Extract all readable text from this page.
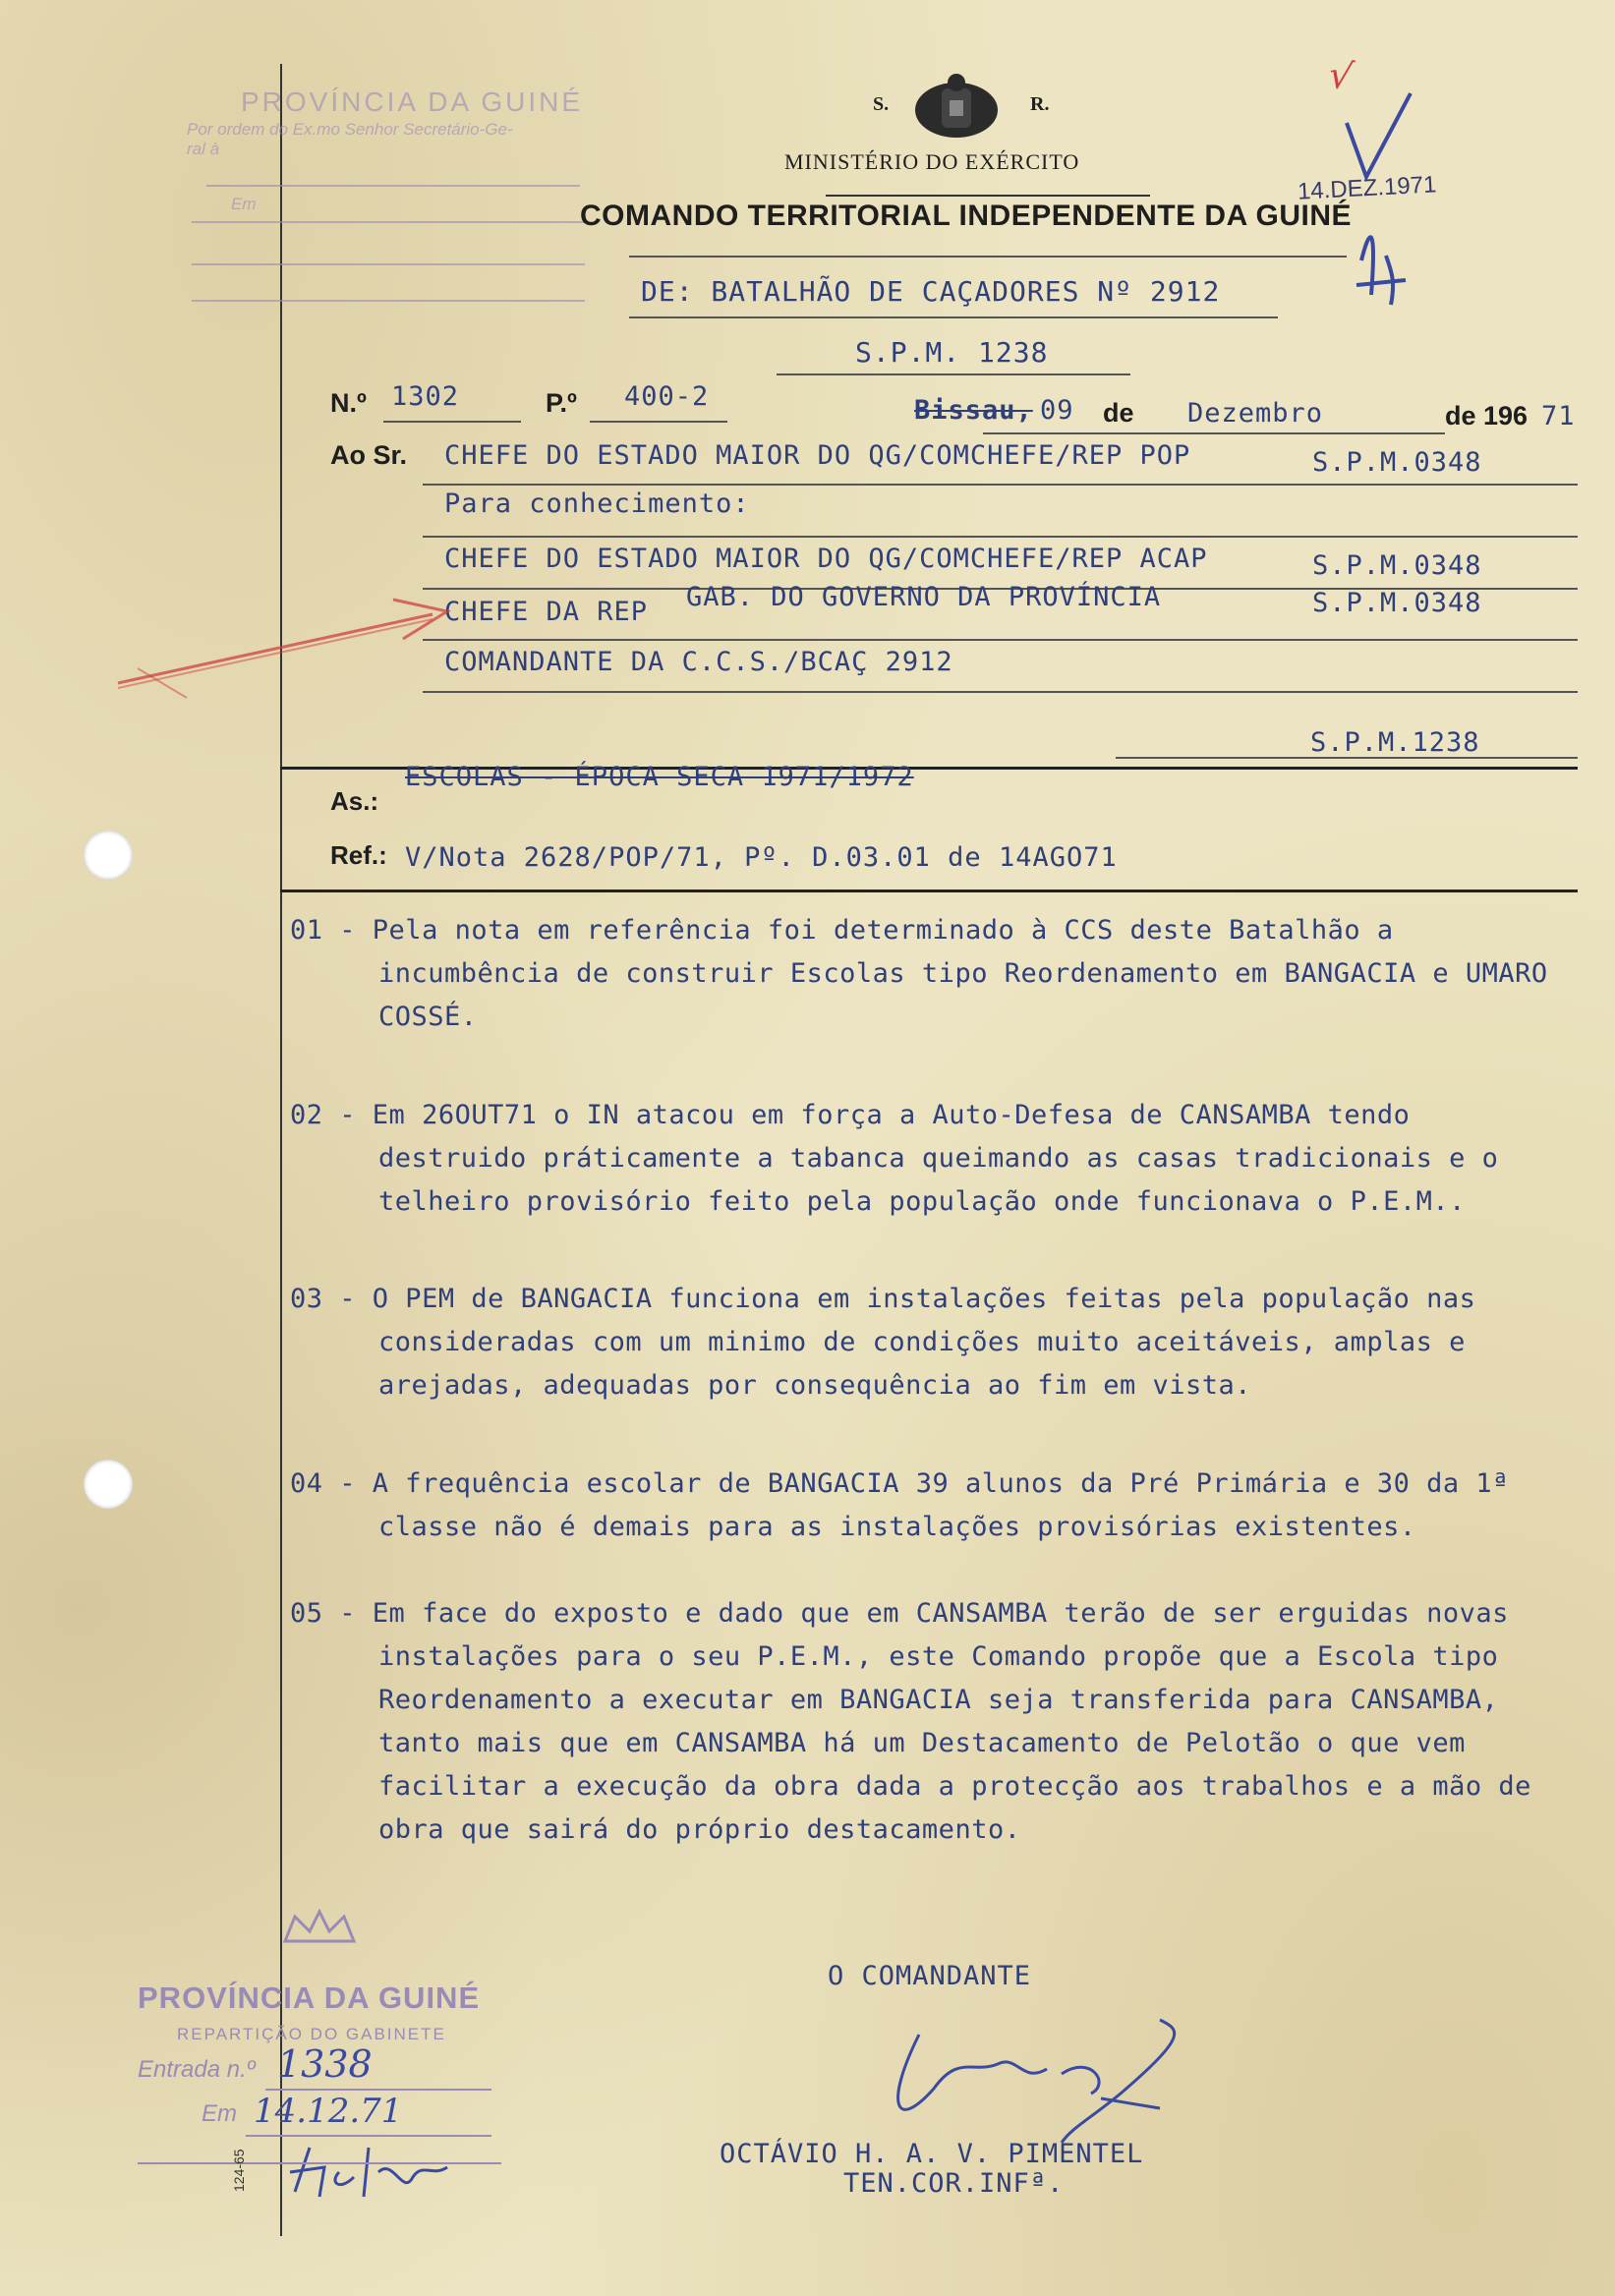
PROVÍNCIA DA GUINÉ
Por ordem do Ex.mo Senhor Secretário-Ge-
ral à
Em
S.	R.
MINISTÉRIO DO EXÉRCITO
COMANDO TERRITORIAL INDEPENDENTE DA GUINÉ
DE: BATALHÃO DE CAÇADORES Nº 2912
S.P.M. 1238
14.DEZ.1971
√
N.º 1302	P.º 400-2	Bissau, 09 de Dezembro	de 196 71
Ao Sr. CHEFE DO ESTADO MAIOR DO QG/COMCHEFE/REP POP	S.P.M.0348
Para conhecimento:
CHEFE DO ESTADO MAIOR DO QG/COMCHEFE/REP ACAP	S.P.M.0348
CHEFE DA REP GAB. DO GOVERNO DA PROVÍNCIA	S.P.M.0348
COMANDANTE DA C.C.S./BCAÇ 2912
S.P.M.1238
As.:
ESCOLAS - ÉPOCA SECA 1971/1972
Ref.: V/Nota 2628/POP/71, Pº. D.03.01 de 14AGO71
01 - Pela nota em referência foi determinado à CCS deste Batalhão a incumbência de construir Escolas tipo Reordenamento em BANGACIA e UMARO COSSÉ.
02 - Em 26OUT71 o IN atacou em força a Auto-Defesa de CANSAMBA tendo destruido práticamente a tabanca queimando as casas tradicionais e o telheiro provisório feito pela população onde funcionava o P.E.M..
03 - O PEM de BANGACIA funciona em instalações feitas pela população nas consideradas com um minimo de condições muito aceitáveis, amplas e arejadas, adequadas por consequência ao fim em vista.
04 - A frequência escolar de BANGACIA 39 alunos da Pré Primária e 30 da 1ª classe não é demais para as instalações provisórias existentes.
05 - Em face do exposto e dado que em CANSAMBA terão de ser erguidas novas instalações para o seu P.E.M., este Comando propõe que a Escola tipo Reordenamento a executar em BANGACIA seja transferida para CANSAMBA, tanto mais que em CANSAMBA há um Destacamento de Pelotão o que vem facilitar a execução da obra dada a protecção aos trabalhos e a mão de obra que sairá do próprio destacamento.
O COMANDANTE
OCTÁVIO H. A. V. PIMENTEL
TEN.COR.INFª.
PROVÍNCIA DA GUINÉ
REPARTIÇÃO DO GABINETE
Entrada n.º 1338
Em 14.12.71
124-65
